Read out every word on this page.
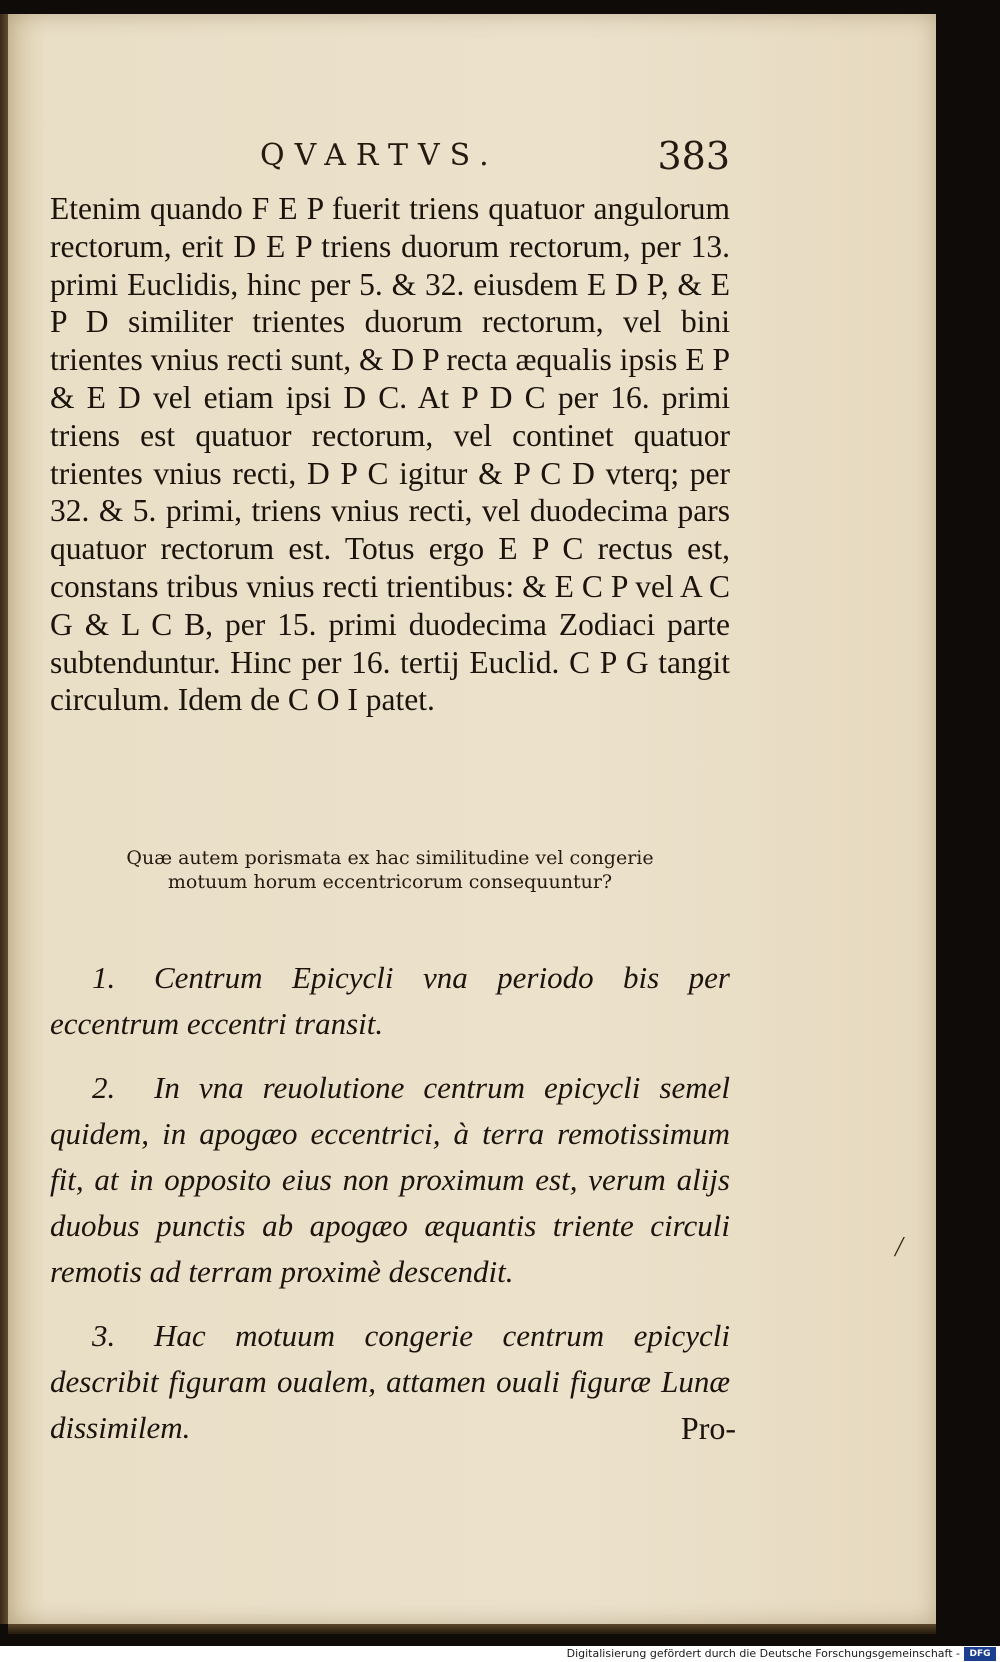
QVARTVS.	383

Etenim quando F E P fuerit triens quatuor angulorum rectorum, erit D E P triens duorum rectorum, per 13. primi Euclidis, hinc per 5. & 32. eiusdem E D P, & E P D similiter trientes duorum rectorum, vel bini trientes vnius recti sunt, & D P recta æqualis ipsis E P & E D vel etiam ipsi D C. At P D C per 16. primi triens est quatuor rectorum, vel continet quatuor trientes vnius recti, D P C igitur & P C D vterq; per 32. & 5. primi, triens vnius recti, vel duodecima pars quatuor rectorum est. Totus ergo E P C rectus est, constans tribus vnius recti trientibus: & E C P vel A C G & L C B, per 15. primi duodecima Zodiaci parte subtenduntur. Hinc per 16. tertij Euclid. C P G tangit circulum. Idem de C O I patet.

Quæ autem porismata ex hac similitudine vel congerie motuum horum eccentricorum consequuntur?

1. Centrum Epicycli vna periodo bis per eccentrum eccentri transit.

2. In vna reuolutione centrum epicycli semel quidem, in apogæo eccentrici, à terra remotissimum fit, at in opposito eius non proximum est, verum alijs duobus punctis ab apogæo æquantis triente circuli remotis ad terram proximè descendit.

3. Hac motuum congerie centrum epicycli describit figuram oualem, attamen ouali figuræ Lunæ dissimilem.

/
Pro-
Digitalisierung gefördert durch die Deutsche Forschungsgemeinschaft -	DFG
